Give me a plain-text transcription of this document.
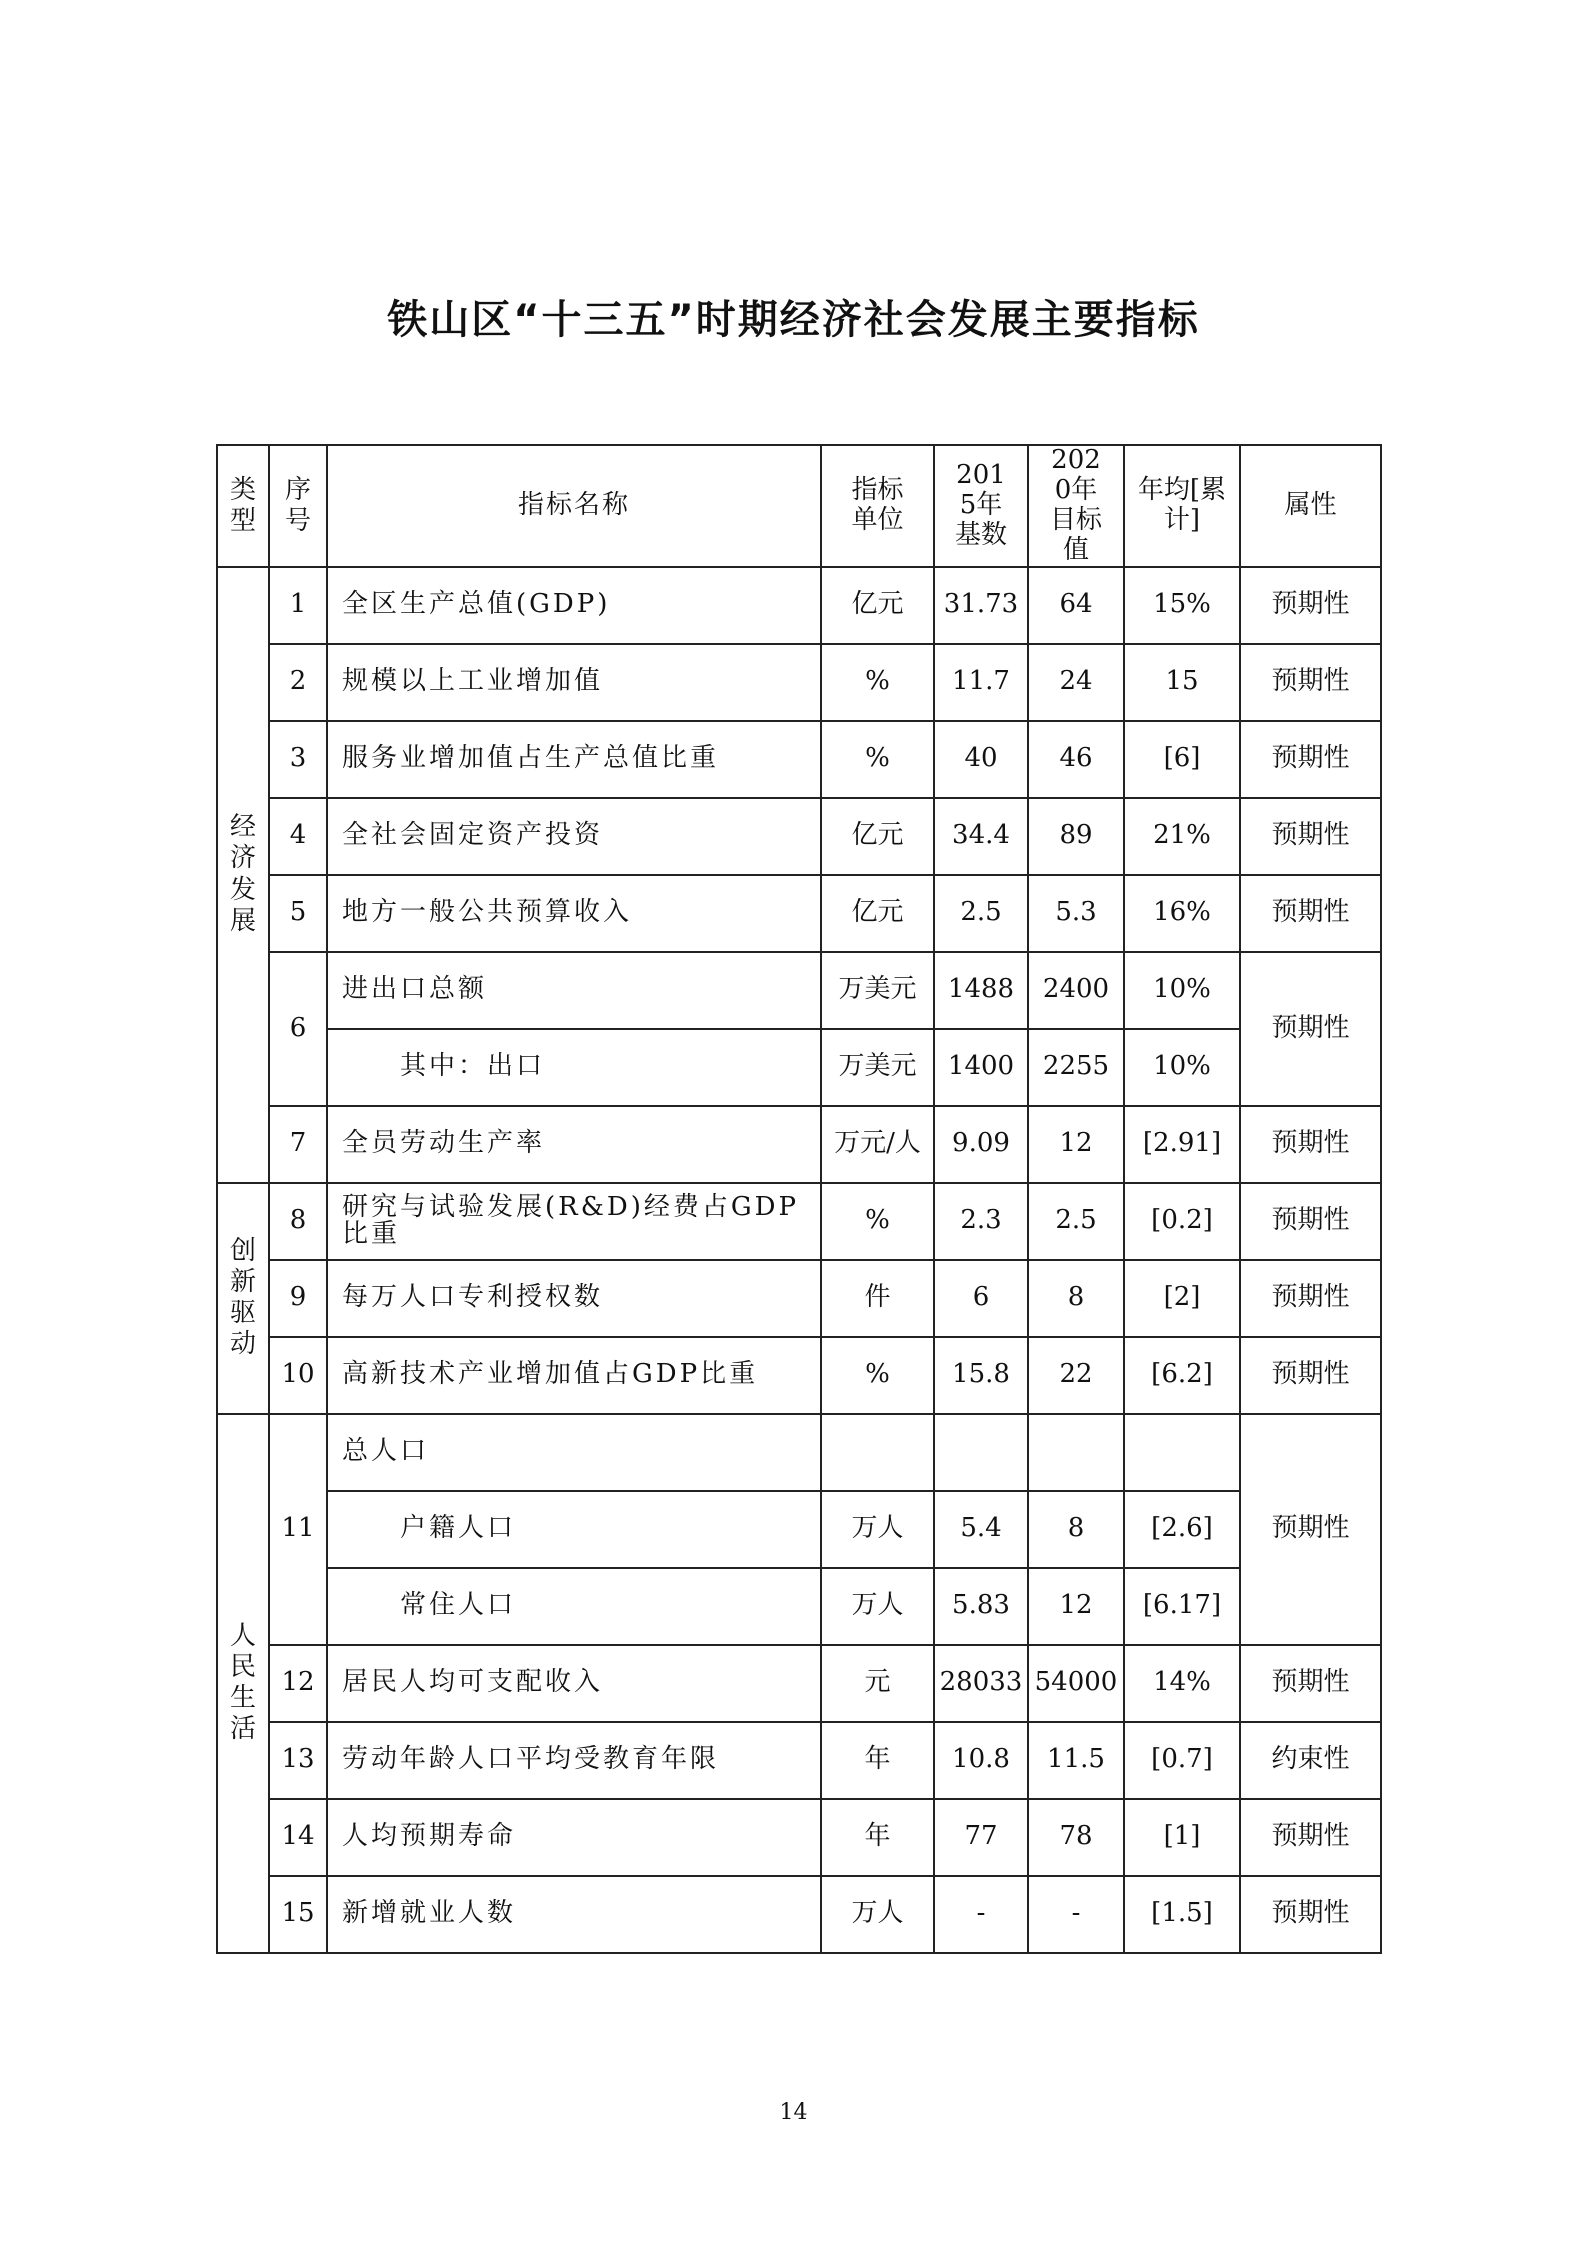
铁山区“十三五”时期经济社会发展主要指标
类型	序号	指标名称	指标单位	2015年基数	2020年目标值	年均[累计]	属性
经济发展	1	全区生产总值(GDP)	亿元	31.73	64	15%	预期性
	2	规模以上工业增加值	%	11.7	24	15	预期性
	3	服务业增加值占生产总值比重	%	40	46	[6]	预期性
	4	全社会固定资产投资	亿元	34.4	89	21%	预期性
	5	地方一般公共预算收入	亿元	2.5	5.3	16%	预期性
	6	进出口总额	万美元	1488	2400	10%	预期性
		其中：出口	万美元	1400	2255	10%	
	7	全员劳动生产率	万元/人	9.09	12	[2.91]	预期性
创新驱动	8	研究与试验发展(R&D)经费占GDP比重	%	2.3	2.5	[0.2]	预期性
	9	每万人口专利授权数	件	6	8	[2]	预期性
	10	高新技术产业增加值占GDP比重	%	15.8	22	[6.2]	预期性
人民生活	11	总人口					预期性
		户籍人口	万人	5.4	8	[2.6]	
		常住人口	万人	5.83	12	[6.17]	
	12	居民人均可支配收入	元	28033	54000	14%	预期性
	13	劳动年龄人口平均受教育年限	年	10.8	11.5	[0.7]	约束性
	14	人均预期寿命	年	77	78	[1]	预期性
	15	新增就业人数	万人	-	-	[1.5]	预期性
14
